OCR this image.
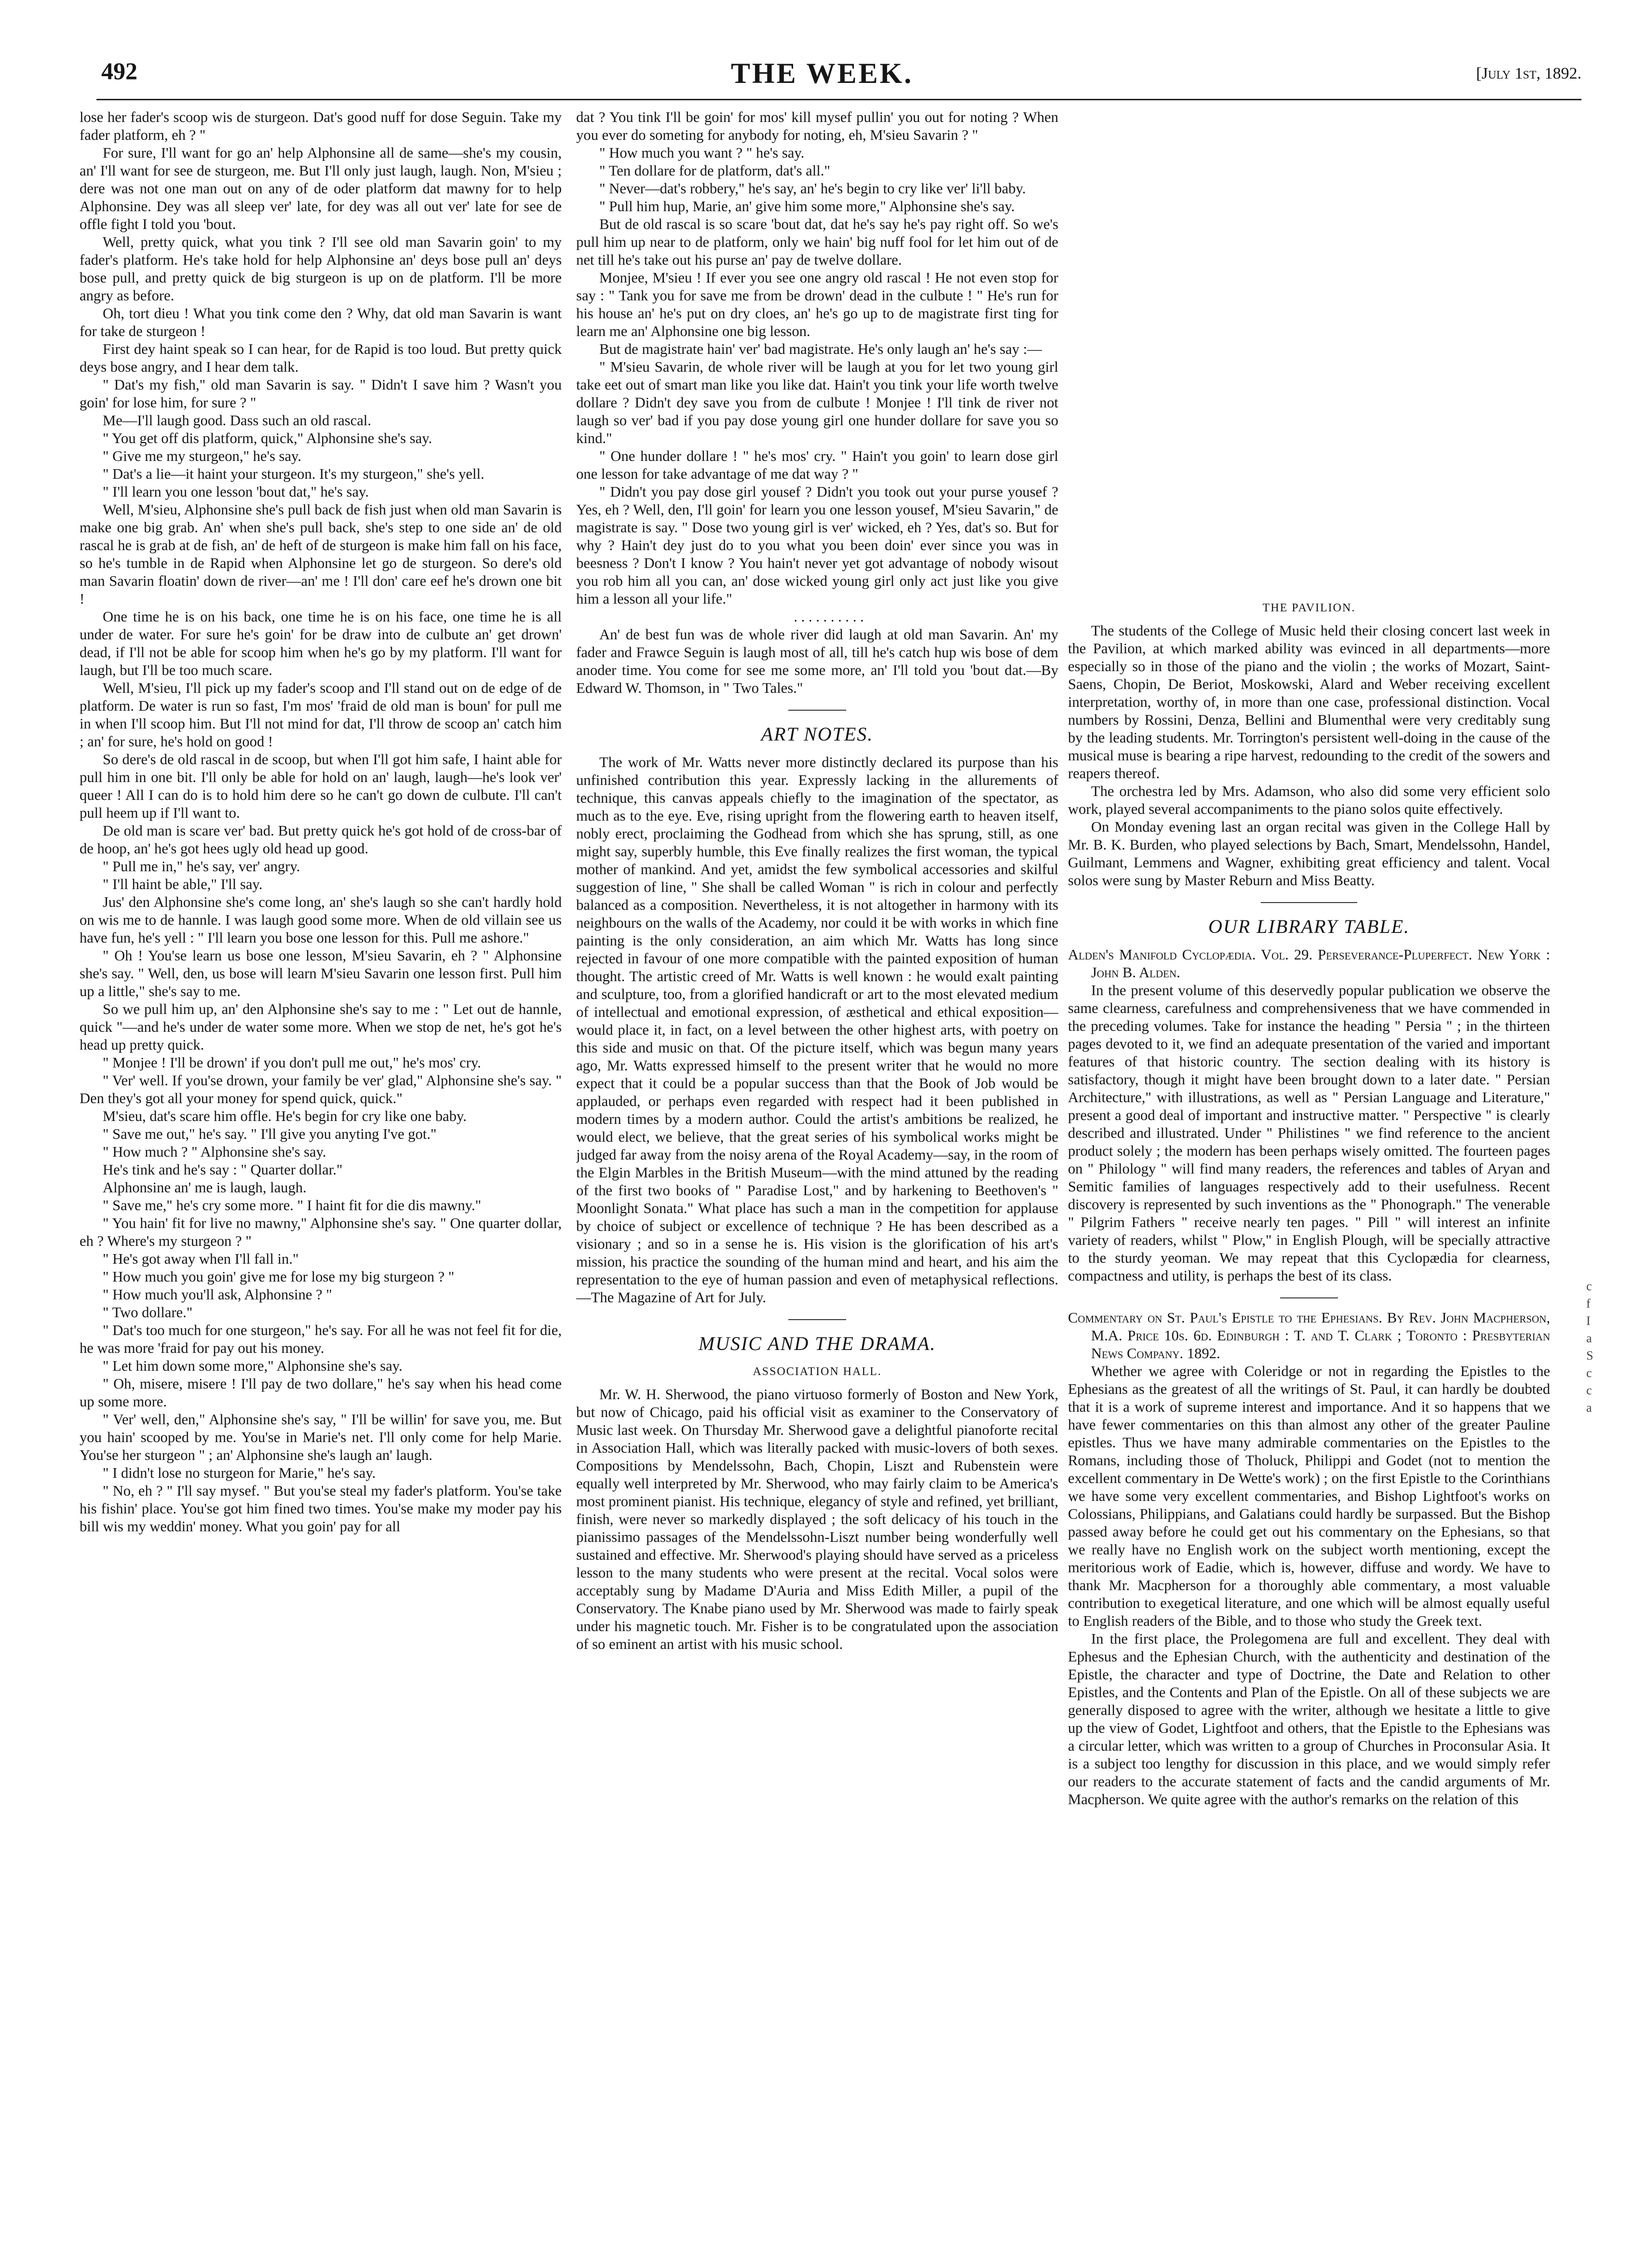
492	THE WEEK.	[July 1st, 1892.

lose her fader's scoop wis de sturgeon. Dat's good nuff for dose Seguin. Take my fader platform, eh ? "

For sure, I'll want for go an' help Alphonsine all de same—she's my cousin, an' I'll want for see de sturgeon, me. But I'll only just laugh, laugh. Non, M'sieu ; dere was not one man out on any of de oder platform dat mawny for to help Alphonsine. Dey was all sleep ver' late, for dey was all out ver' late for see de offle fight I told you 'bout.

Well, pretty quick, what you tink ? I'll see old man Savarin goin' to my fader's platform. He's take hold for help Alphonsine an' deys bose pull an' deys bose pull, and pretty quick de big sturgeon is up on de platform. I'll be more angry as before.

Oh, tort dieu ! What you tink come den ? Why, dat old man Savarin is want for take de sturgeon !

First dey haint speak so I can hear, for de Rapid is too loud. But pretty quick deys bose angry, and I hear dem talk.

" Dat's my fish," old man Savarin is say. " Didn't I save him ? Wasn't you goin' for lose him, for sure ? "

Me—I'll laugh good. Dass such an old rascal.

" You get off dis platform, quick," Alphonsine she's say.

" Give me my sturgeon," he's say.

" Dat's a lie—it haint your sturgeon. It's my sturgeon," she's yell.

" I'll learn you one lesson 'bout dat," he's say.

Well, M'sieu, Alphonsine she's pull back de fish just when old man Savarin is make one big grab. An' when she's pull back, she's step to one side an' de old rascal he is grab at de fish, an' de heft of de sturgeon is make him fall on his face, so he's tumble in de Rapid when Alphonsine let go de sturgeon. So dere's old man Savarin floatin' down de river—an' me ! I'll don' care eef he's drown one bit !

One time he is on his back, one time he is on his face, one time he is all under de water. For sure he's goin' for be draw into de culbute an' get drown' dead, if I'll not be able for scoop him when he's go by my platform. I'll want for laugh, but I'll be too much scare.

Well, M'sieu, I'll pick up my fader's scoop and I'll stand out on de edge of de platform. De water is run so fast, I'm mos' 'fraid de old man is boun' for pull me in when I'll scoop him. But I'll not mind for dat, I'll throw de scoop an' catch him ; an' for sure, he's hold on good !

So dere's de old rascal in de scoop, but when I'll got him safe, I haint able for pull him in one bit. I'll only be able for hold on an' laugh, laugh—he's look ver' queer ! All I can do is to hold him dere so he can't go down de culbute. I'll can't pull heem up if I'll want to.

De old man is scare ver' bad. But pretty quick he's got hold of de cross-bar of de hoop, an' he's got hees ugly old head up good.

" Pull me in," he's say, ver' angry.

" I'll haint be able," I'll say.

Jus' den Alphonsine she's come long, an' she's laugh so she can't hardly hold on wis me to de hannle. I was laugh good some more. When de old villain see us have fun, he's yell : " I'll learn you bose one lesson for this. Pull me ashore."

" Oh ! You'se learn us bose one lesson, M'sieu Savarin, eh ? " Alphonsine she's say. " Well, den, us bose will learn M'sieu Savarin one lesson first. Pull him up a little," she's say to me.

So we pull him up, an' den Alphonsine she's say to me : " Let out de hannle, quick "—and he's under de water some more. When we stop de net, he's got he's head up pretty quick.

" Monjee ! I'll be drown' if you don't pull me out," he's mos' cry.

" Ver' well. If you'se drown, your family be ver' glad," Alphonsine she's say. " Den they's got all your money for spend quick, quick."

M'sieu, dat's scare him offle. He's begin for cry like one baby.

" Save me out," he's say. " I'll give you anyting I've got."

" How much ? " Alphonsine she's say.

He's tink and he's say : " Quarter dollar."

Alphonsine an' me is laugh, laugh.

" Save me," he's cry some more. " I haint fit for die dis mawny."

" You hain' fit for live no mawny," Alphonsine she's say. " One quarter dollar, eh ? Where's my sturgeon ? "

" He's got away when I'll fall in."

" How much you goin' give me for lose my big sturgeon ? "

" How much you'll ask, Alphonsine ? "

" Two dollare."

" Dat's too much for one sturgeon," he's say. For all he was not feel fit for die, he was more 'fraid for pay out his money.

" Let him down some more," Alphonsine she's say.

" Oh, misere, misere ! I'll pay de two dollare," he's say when his head come up some more.

" Ver' well, den," Alphonsine she's say, " I'll be willin' for save you, me. But you hain' scooped by me. You'se in Marie's net. I'll only come for help Marie. You'se her sturgeon " ; an' Alphonsine she's laugh an' laugh.

" I didn't lose no sturgeon for Marie," he's say.

" No, eh ? " I'll say mysef. " But you'se steal my fader's platform. You'se take his fishin' place. You'se got him fined two times. You'se make my moder pay his bill wis my weddin' money. What you goin' pay for all

dat ? You tink I'll be goin' for mos' kill mysef pullin' you out for noting ? When you ever do someting for anybody for noting, eh, M'sieu Savarin ? "

" How much you want ? " he's say.

" Ten dollare for de platform, dat's all."

" Never—dat's robbery," he's say, an' he's begin to cry like ver' li'll baby.

" Pull him hup, Marie, an' give him some more," Alphonsine she's say.

But de old rascal is so scare 'bout dat, dat he's say he's pay right off. So we's pull him up near to de platform, only we hain' big nuff fool for let him out of de net till he's take out his purse an' pay de twelve dollare.

Monjee, M'sieu ! If ever you see one angry old rascal ! He not even stop for say : " Tank you for save me from be drown' dead in the culbute ! " He's run for his house an' he's put on dry cloes, an' he's go up to de magistrate first ting for learn me an' Alphonsine one big lesson.

But de magistrate hain' ver' bad magistrate. He's only laugh an' he's say :—

" M'sieu Savarin, de whole river will be laugh at you for let two young girl take eet out of smart man like you like dat. Hain't you tink your life worth twelve dollare ? Didn't dey save you from de culbute ! Monjee ! I'll tink de river not laugh so ver' bad if you pay dose young girl one hunder dollare for save you so kind."

" One hunder dollare ! " he's mos' cry. " Hain't you goin' to learn dose girl one lesson for take advantage of me dat way ? "

" Didn't you pay dose girl yousef ? Didn't you took out your purse yousef ? Yes, eh ? Well, den, I'll goin' for learn you one lesson yousef, M'sieu Savarin," de magistrate is say. " Dose two young girl is ver' wicked, eh ? Yes, dat's so. But for why ? Hain't dey just do to you what you been doin' ever since you was in beesness ? Don't I know ? You hain't never yet got advantage of nobody wisout you rob him all you can, an' dose wicked young girl only act just like you give him a lesson all your life."

. . . . . . . . . .

An' de best fun was de whole river did laugh at old man Savarin. An' my fader and Frawce Seguin is laugh most of all, till he's catch hup wis bose of dem anoder time. You come for see me some more, an' I'll told you 'bout dat.—By Edward W. Thomson, in " Two Tales."

ART NOTES.

The work of Mr. Watts never more distinctly declared its purpose than his unfinished contribution this year. Expressly lacking in the allurements of technique, this canvas appeals chiefly to the imagination of the spectator, as much as to the eye. Eve, rising upright from the flowering earth to heaven itself, nobly erect, proclaiming the Godhead from which she has sprung, still, as one might say, superbly humble, this Eve finally realizes the first woman, the typical mother of mankind. And yet, amidst the few symbolical accessories and skilful suggestion of line, " She shall be called Woman " is rich in colour and perfectly balanced as a composition. Nevertheless, it is not altogether in harmony with its neighbours on the walls of the Academy, nor could it be with works in which fine painting is the only consideration, an aim which Mr. Watts has long since rejected in favour of one more compatible with the painted exposition of human thought. The artistic creed of Mr. Watts is well known : he would exalt painting and sculpture, too, from a glorified handicraft or art to the most elevated medium of intellectual and emotional expression, of æsthetical and ethical exposition—would place it, in fact, on a level between the other highest arts, with poetry on this side and music on that. Of the picture itself, which was begun many years ago, Mr. Watts expressed himself to the present writer that he would no more expect that it could be a popular success than that the Book of Job would be applauded, or perhaps even regarded with respect had it been published in modern times by a modern author. Could the artist's ambitions be realized, he would elect, we believe, that the great series of his symbolical works might be judged far away from the noisy arena of the Royal Academy—say, in the room of the Elgin Marbles in the British Museum—with the mind attuned by the reading of the first two books of " Paradise Lost," and by harkening to Beethoven's " Moonlight Sonata." What place has such a man in the competition for applause by choice of subject or excellence of technique ? He has been described as a visionary ; and so in a sense he is. His vision is the glorification of his art's mission, his practice the sounding of the human mind and heart, and his aim the representation to the eye of human passion and even of metaphysical reflections.—The Magazine of Art for July.

MUSIC AND THE DRAMA.
ASSOCIATION HALL.

Mr. W. H. Sherwood, the piano virtuoso formerly of Boston and New York, but now of Chicago, paid his official visit as examiner to the Conservatory of Music last week. On Thursday Mr. Sherwood gave a delightful pianoforte recital in Association Hall, which was literally packed with music-lovers of both sexes. Compositions by Mendelssohn, Bach, Chopin, Liszt and Rubenstein were equally well interpreted by Mr. Sherwood, who may fairly claim to be America's most prominent pianist. His technique, elegancy of style and refined, yet brilliant, finish, were never so markedly displayed ; the soft delicacy of his touch in the pianissimo passages of the Mendelssohn-Liszt number being wonderfully well sustained and effective. Mr. Sherwood's playing should have served as a priceless lesson to the many students who were present at the recital. Vocal solos were acceptably sung by Madame D'Auria and Miss Edith Miller, a pupil of the Conservatory. The Knabe piano used by Mr. Sherwood was made to fairly speak under his magnetic touch. Mr. Fisher is to be congratulated upon the association of so eminent an artist with his music school.

THE PAVILION.

The students of the College of Music held their closing concert last week in the Pavilion, at which marked ability was evinced in all departments—more especially so in those of the piano and the violin ; the works of Mozart, Saint-Saens, Chopin, De Beriot, Moskowski, Alard and Weber receiving excellent interpretation, worthy of, in more than one case, professional distinction. Vocal numbers by Rossini, Denza, Bellini and Blumenthal were very creditably sung by the leading students. Mr. Torrington's persistent well-doing in the cause of the musical muse is bearing a ripe harvest, redounding to the credit of the sowers and reapers thereof.

The orchestra led by Mrs. Adamson, who also did some very efficient solo work, played several accompaniments to the piano solos quite effectively.

On Monday evening last an organ recital was given in the College Hall by Mr. B. K. Burden, who played selections by Bach, Smart, Mendelssohn, Handel, Guilmant, Lemmens and Wagner, exhibiting great efficiency and talent. Vocal solos were sung by Master Reburn and Miss Beatty.

OUR LIBRARY TABLE.

Alden's Manifold Cyclopædia. Vol. 29. Perseverance-Pluperfect. New York : John B. Alden.

In the present volume of this deservedly popular publication we observe the same clearness, carefulness and comprehensiveness that we have commended in the preceding volumes. Take for instance the heading " Persia " ; in the thirteen pages devoted to it, we find an adequate presentation of the varied and important features of that historic country. The section dealing with its history is satisfactory, though it might have been brought down to a later date. " Persian Architecture," with illustrations, as well as " Persian Language and Literature," present a good deal of important and instructive matter. " Perspective " is clearly described and illustrated. Under " Philistines " we find reference to the ancient product solely ; the modern has been perhaps wisely omitted. The fourteen pages on " Philology " will find many readers, the references and tables of Aryan and Semitic families of languages respectively add to their usefulness. Recent discovery is represented by such inventions as the " Phonograph." The venerable " Pilgrim Fathers " receive nearly ten pages. " Pill " will interest an infinite variety of readers, whilst " Plow," in English Plough, will be specially attractive to the sturdy yeoman. We may repeat that this Cyclopædia for clearness, compactness and utility, is perhaps the best of its class.

Commentary on St. Paul's Epistle to the Ephesians. By Rev. John Macpherson, M.A. Price 10s. 6d. Edinburgh : T. and T. Clark ; Toronto : Presbyterian News Company. 1892.

Whether we agree with Coleridge or not in regarding the Epistles to the Ephesians as the greatest of all the writings of St. Paul, it can hardly be doubted that it is a work of supreme interest and importance. And it so happens that we have fewer commentaries on this than almost any other of the greater Pauline epistles. Thus we have many admirable commentaries on the Epistles to the Romans, including those of Tholuck, Philippi and Godet (not to mention the excellent commentary in De Wette's work) ; on the first Epistle to the Corinthians we have some very excellent commentaries, and Bishop Lightfoot's works on Colossians, Philippians, and Galatians could hardly be surpassed. But the Bishop passed away before he could get out his commentary on the Ephesians, so that we really have no English work on the subject worth mentioning, except the meritorious work of Eadie, which is, however, diffuse and wordy. We have to thank Mr. Macpherson for a thoroughly able commentary, a most valuable contribution to exegetical literature, and one which will be almost equally useful to English readers of the Bible, and to those who study the Greek text.

In the first place, the Prolegomena are full and excellent. They deal with Ephesus and the Ephesian Church, with the authenticity and destination of the Epistle, the character and type of Doctrine, the Date and Relation to other Epistles, and the Contents and Plan of the Epistle. On all of these subjects we are generally disposed to agree with the writer, although we hesitate a little to give up the view of Godet, Lightfoot and others, that the Epistle to the Ephesians was a circular letter, which was written to a group of Churches in Proconsular Asia. It is a subject too lengthy for discussion in this place, and we would simply refer our readers to the accurate statement of facts and the candid arguments of Mr. Macpherson. We quite agree with the author's remarks on the relation of this

c
f
I
a
S
c
c
a
